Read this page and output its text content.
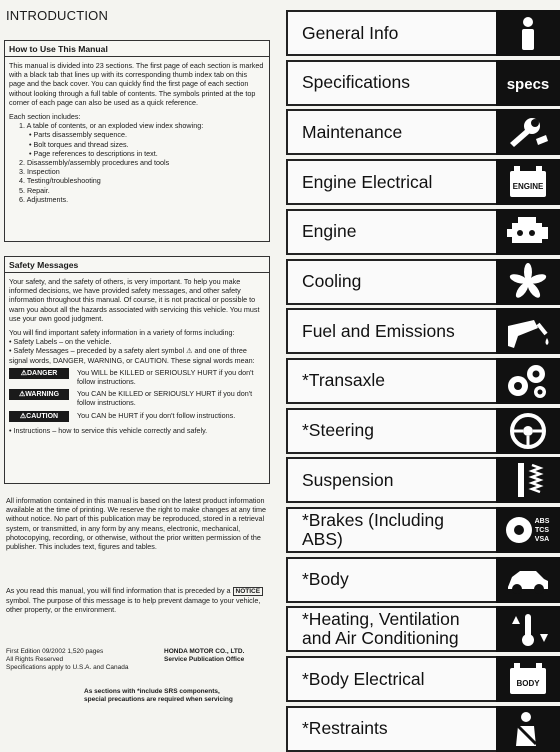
INTRODUCTION
How to Use This Manual
This manual is divided into 23 sections. The first page of each section is marked with a black tab that lines up with its corresponding thumb index tab on this page and the back cover. You can quickly find the first page of each section without looking through a full table of contents. The symbols printed at the top corner of each page can also be used as a quick reference.
Each section includes:
1. A table of contents, or an exploded view index showing:
• Parts disassembly sequence.
• Bolt torques and thread sizes.
• Page references to descriptions in text.
2. Disassembly/assembly procedures and tools
3. Inspection
4. Testing/troubleshooting
5. Repair.
6. Adjustments.
Safety Messages
Your safety, and the safety of others, is very important. To help you make informed decisions, we have provided safety messages, and other safety information throughout this manual. Of course, it is not practical or possible to warn you about all the hazards associated with servicing this vehicle. You must use your own good judgment.
You will find important safety information in a variety of forms including:
• Safety Labels – on the vehicle.
• Safety Messages – preceded by a safety alert symbol ⚠ and one of three signal words, DANGER, WARNING, or CAUTION. These signal words mean:
⚠DANGER	You WILL be KILLED or SERIOUSLY HURT if you don't follow instructions.
⚠WARNING	You CAN be KILLED or SERIOUSLY HURT if you don't follow instructions.
⚠CAUTION	You CAN be HURT if you don't follow instructions.
• Instructions – how to service this vehicle correctly and safely.
All information contained in this manual is based on the latest product information available at the time of printing. We reserve the right to make changes at any time without notice. No part of this publication may be reproduced, stored in a retrieval system, or transmitted, in any form by any means, electronic, mechanical, photocopying, recording, or otherwise, without the prior written permission of the publisher. This includes text, figures and tables.
As you read this manual, you will find information that is preceded by a NOTICE symbol. The purpose of this message is to help prevent damage to your vehicle, other property, or the environment.
First Edition 09/2002 1,520 pages
All Rights Reserved
Specifications apply to U.S.A. and Canada
HONDA MOTOR CO., LTD.
Service Publication Office
As sections with *include SRS components,
special precautions are required when servicing
General Info
Specifications	specs
Maintenance
Engine Electrical	ENGINE
Engine
Cooling
Fuel and Emissions
*Transaxle
*Steering
Suspension
*Brakes (Including ABS)
ABS
TCS
VSA
*Body
*Heating, Ventilation and Air Conditioning
*Body Electrical	BODY
*Restraints
